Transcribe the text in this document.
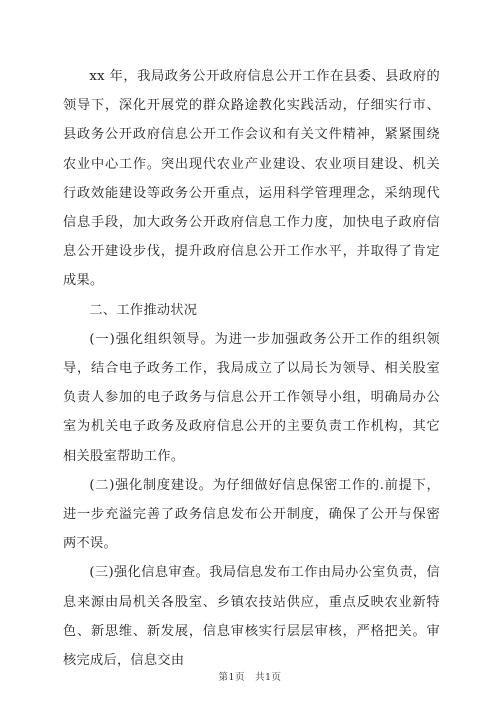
xx 年，我局政务公开政府信息公开工作在县委、县政府的领导下，深化开展党的群众路途教化实践活动，仔细实行市、县政务公开政府信息公开工作会议和有关文件精神，紧紧围绕农业中心工作。突出现代农业产业建设、农业项目建设、机关行政效能建设等政务公开重点，运用科学管理理念，采纳现代信息手段，加大政务公开政府信息工作力度，加快电子政府信息公开建设步伐，提升政府信息公开工作水平，并取得了肯定成果。

二、工作推动状况

(一)强化组织领导。为进一步加强政务公开工作的组织领导，结合电子政务工作，我局成立了以局长为领导、相关股室负责人参加的电子政务与信息公开工作领导小组，明确局办公室为机关电子政务及政府信息公开的主要负责工作机构，其它相关股室帮助工作。

(二)强化制度建设。为仔细做好信息保密工作的.前提下，进一步充溢完善了政务信息发布公开制度，确保了公开与保密两不误。

(三)强化信息审查。我局信息发布工作由局办公室负责，信息来源由局机关各股室、乡镇农技站供应，重点反映农业新特色、新思维、新发展，信息审核实行层层审核，严格把关。审核完成后，信息交由

第1页　共1页
